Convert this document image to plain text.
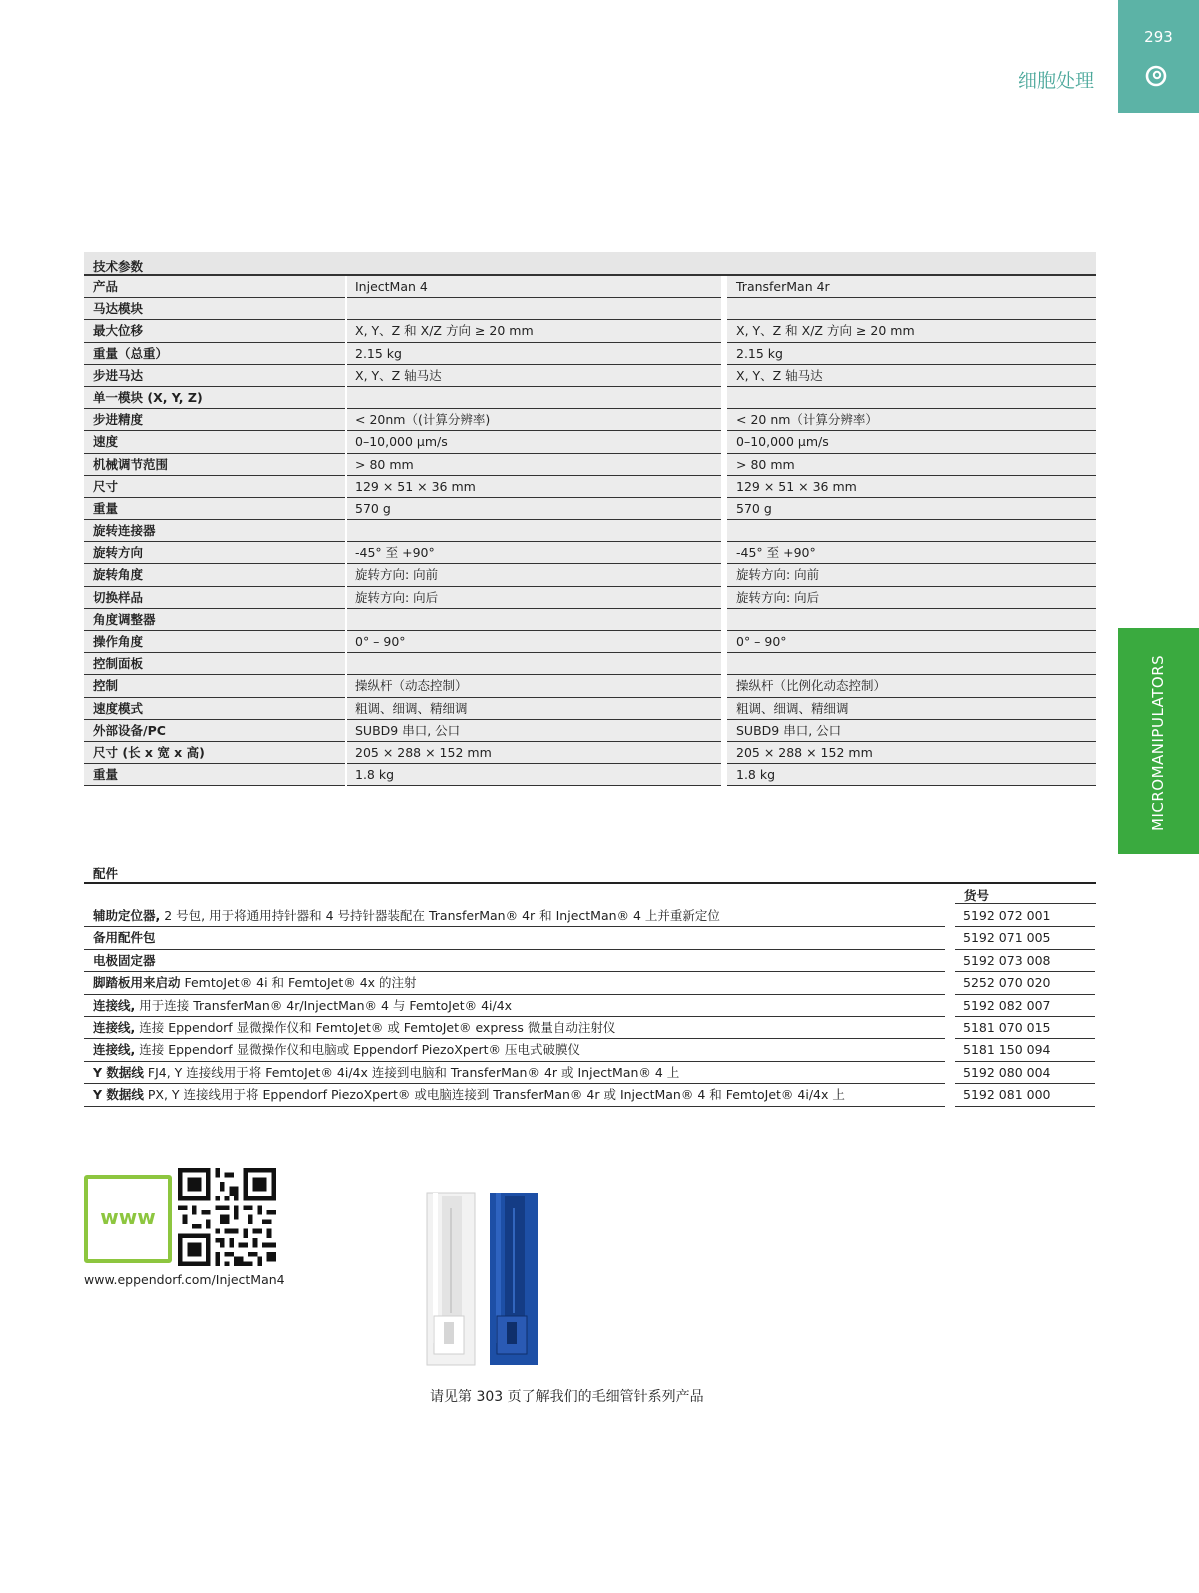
细胞处理
293
MICROMANIPULATORS
技术参数
产品	InjectMan 4	TransferMan 4r
马达模块
最大位移	X, Y、Z 和 X/Z 方向 ≥ 20 mm	X, Y、Z 和 X/Z 方向 ≥ 20 mm
重量（总重）	2.15 kg	2.15 kg
步进马达	X, Y、Z 轴马达	X, Y、Z 轴马达
单一模块 (X, Y, Z)
步进精度	< 20nm（(计算分辨率)	< 20 nm（计算分辨率）
速度	0–10,000 µm/s	0–10,000 µm/s
机械调节范围	> 80 mm	> 80 mm
尺寸	129 × 51 × 36 mm	129 × 51 × 36 mm
重量	570 g	570 g
旋转连接器
旋转方向	-45° 至 +90°	-45° 至 +90°
旋转角度	旋转方向: 向前	旋转方向: 向前
切换样品	旋转方向: 向后	旋转方向: 向后
角度调整器
操作角度	0° – 90°	0° – 90°
控制面板
控制	操纵杆（动态控制）	操纵杆（比例化动态控制）
速度模式	粗调、细调、精细调	粗调、细调、精细调
外部设备/PC	SUBD9 串口, 公口	SUBD9 串口, 公口
尺寸 (长 x 宽 x 高)	205 × 288 × 152 mm	205 × 288 × 152 mm
重量	1.8 kg	1.8 kg
配件
货号
辅助定位器, 2 号包, 用于将通用持针器和 4 号持针器装配在 TransferMan® 4r 和 InjectMan® 4 上并重新定位	5192 072 001
备用配件包	5192 071 005
电极固定器	5192 073 008
脚踏板用来启动 FemtoJet® 4i 和 FemtoJet® 4x 的注射	5252 070 020
连接线, 用于连接 TransferMan® 4r/InjectMan® 4 与 FemtoJet® 4i/4x	5192 082 007
连接线, 连接 Eppendorf 显微操作仪和 FemtoJet® 或 FemtoJet® express 微量自动注射仪	5181 070 015
连接线, 连接 Eppendorf 显微操作仪和电脑或 Eppendorf PiezoXpert® 压电式破膜仪	5181 150 094
Y 数据线 FJ4, Y 连接线用于将 FemtoJet® 4i/4x 连接到电脑和 TransferMan® 4r 或 InjectMan® 4 上	5192 080 004
Y 数据线 PX, Y 连接线用于将 Eppendorf PiezoXpert® 或电脑连接到 TransferMan® 4r 或 InjectMan® 4 和 FemtoJet® 4i/4x 上	5192 081 000
www
www.eppendorf.com/InjectMan4
请见第 303 页了解我们的毛细管针系列产品
